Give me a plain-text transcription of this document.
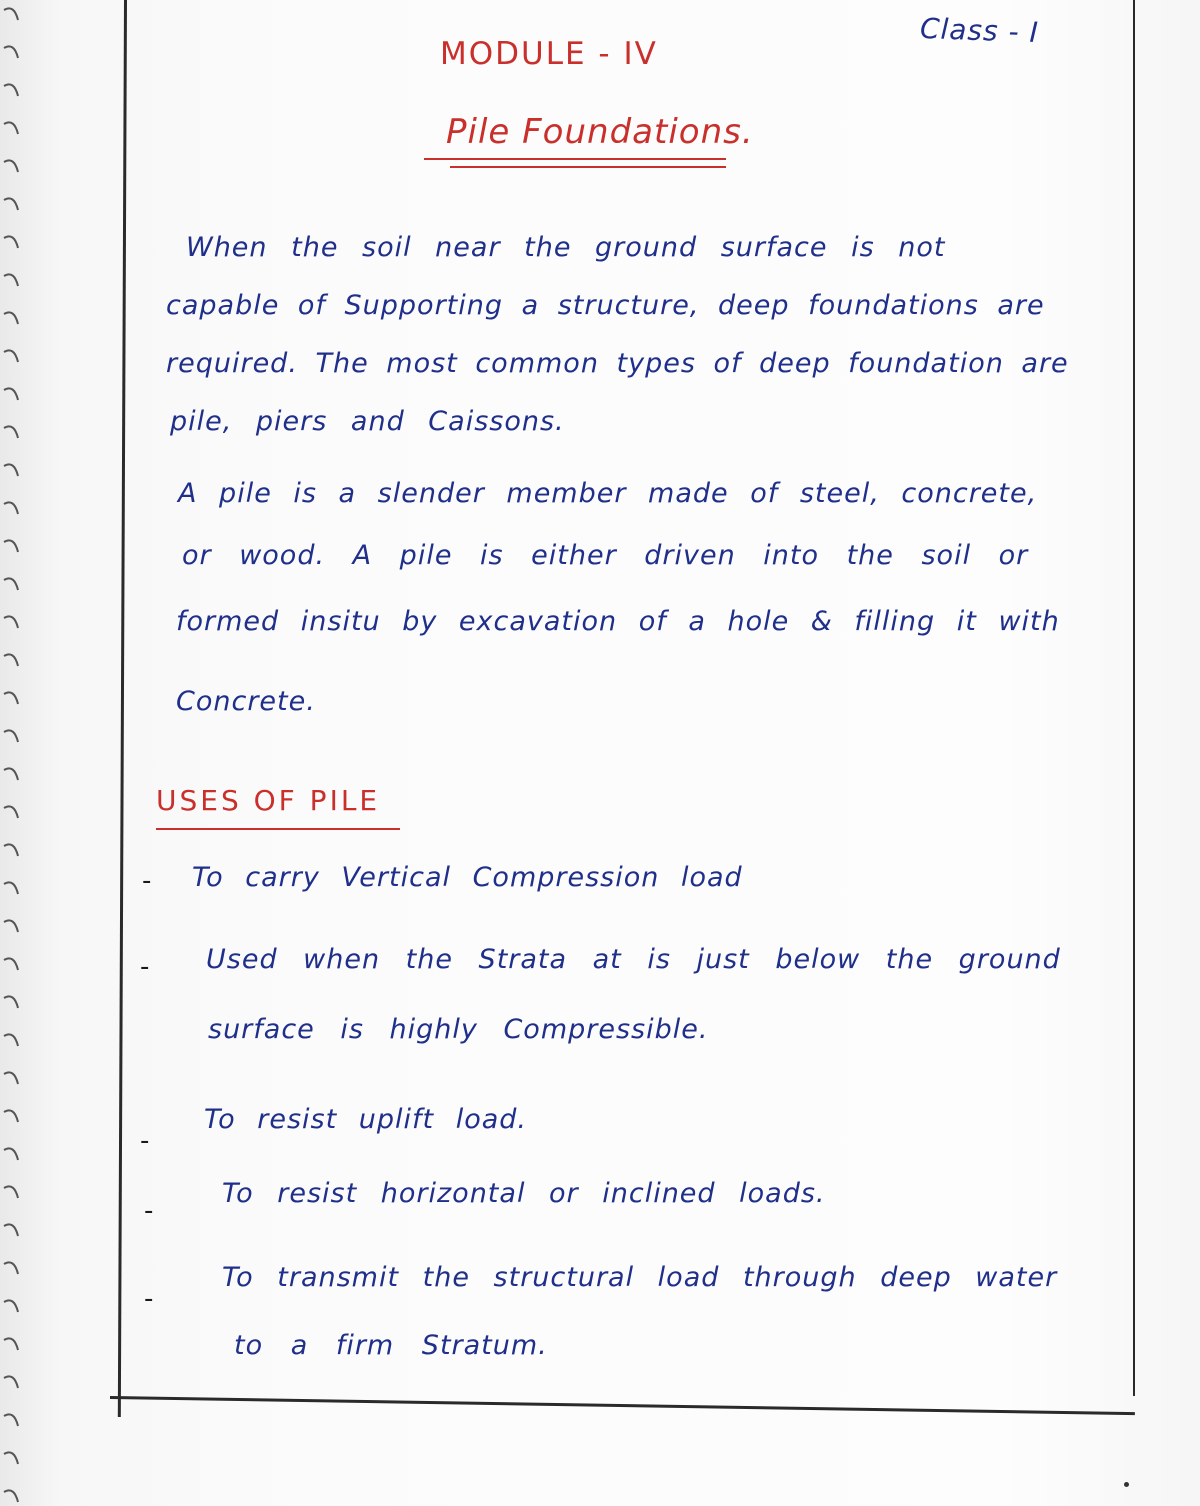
Class - I
MODULE - IV
Pile Foundations.
When the soil near the ground surface is not
capable of Supporting a structure, deep foundations are
required. The most common types of deep foundation are
pile, piers and Caissons.
A pile is a slender member made of steel, concrete,
or wood. A pile is either driven into the soil or
formed insitu by excavation of a hole & filling it with
Concrete.
USES OF PILE
- To carry Vertical Compression load
- Used when the Strata at is just below the ground
surface is highly Compressible.
-
To resist uplift load.
-
To resist horizontal or inclined loads.
-
To transmit the structural load through deep water
to a firm Stratum.
